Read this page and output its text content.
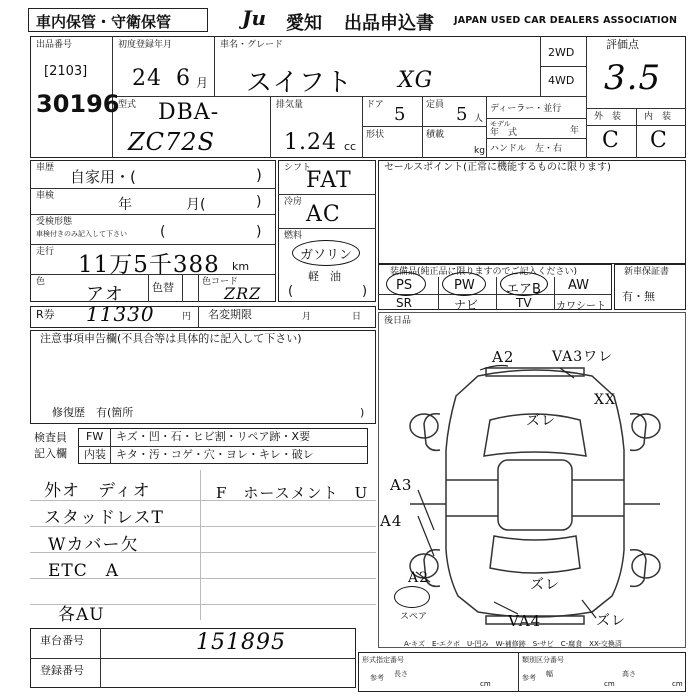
車内保管・守衛保管	Ju 愛知 出品申込書 JAPAN USED CAR DEALERS ASSOCIATION
出品番号
[2103]
30196
初度登録年月
24 6 月
車名・グレード
スイフト XG
2WD
4WD
評価点
3.5
外　装	内　装
C C
型式 DBA-
ZC72S
排気量
1.24 cc
ドア 5 定員 5 人
形状	積載
kg
ディーラー・並行
モデル
年　式	年
ハンドル　左・右
車歴 自家用・(	)
車検
年	月(	)
受検形態
車検付きのみ記入して下さい (	)
走行 11万5千388 km
色
アオ	色替	色コード
ZRZ
シフト
FAT
冷房 AC
燃料
ガソリン
軽　油
(	)
セールスポイント(正常に機能するものに限ります)
装備品(純正品に限りますのでご記入ください)
PS	PW エアB AW
SR	ナビ	TV カワシート
新車保証書
有・無
R券 11330	円 名変期限	月	日
注意事項申告欄(不具合等は具体的に記入して下さい)
修復歴　有(箇所	)
検査員
記入欄
FW キズ・凹・石・ヒビ割・リペア跡・X要
内装 キタ・汚・コゲ・穴・ヨレ・キレ・破レ
外オ　ディオ
スタッドレスT
Wカバー欠
ETC　A
F　ホースメント　U
各AU
後日品
A2	VA3ワレ
XX
ズレ
A3
A4
A2	ズレ
VA4	ズレ
スペア
A-キズ　E-エクボ　U-凹み　W-補修跡　S-サビ　C-腐食　XX-交換済
車台番号	151895
登録番号
形式指定番号	類別区分番号
参考 長さ
cm
参考 幅
cm
高さ
cm
